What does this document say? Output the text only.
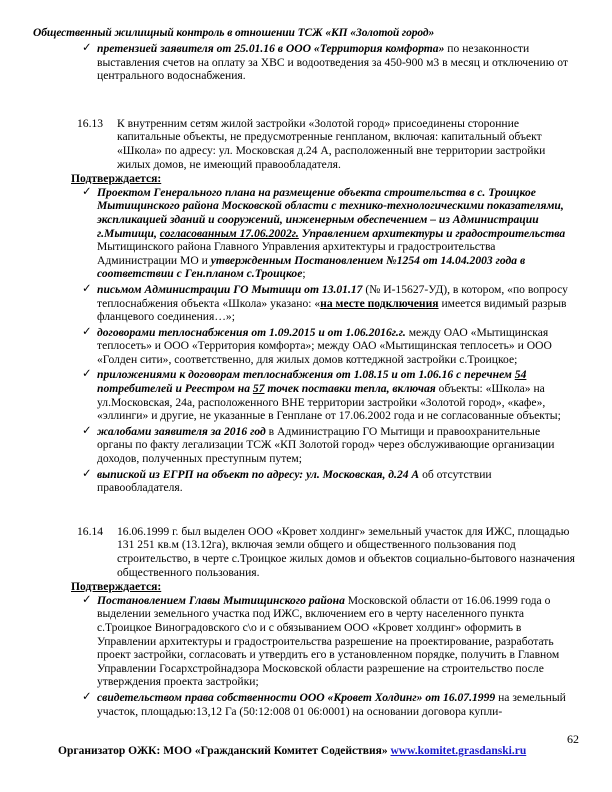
Общественный жилищный контроль в отношении ТСЖ «КП «Золотой город»
✓ претензией заявителя от 25.01.16 в ООО «Территория комфорта» по незаконности выставления счетов на оплату за ХВС и водоотведения за 450-900 м3 в месяц и отключению от центрального водоснабжения.

16.13 К внутренним сетям жилой застройки «Золотой город» присоединены сторонние капитальные объекты, не предусмотренные генпланом, включая: капитальный объект «Школа» по адресу: ул. Московская д.24 А, расположенный вне территории застройки жилых домов, не имеющий правообладателя.

Подтверждается:
✓ Проектом Генерального плана на размещение объекта строительства в с. Троицкое Мытищинского района Московской области с технико-технологическими показателями, экспликацией зданий и сооружений, инженерным обеспечением – из Администрации г.Мытищи, согласованным 17.06.2002г. Управлением архитектуры и градостроительства Мытищинского района Главного Управления архитектуры и градостроительства Администрации МО и утвержденным Постановлением №1254 от 14.04.2003 года в соответствии с Ген.планом с.Троицкое;

✓ письмом Администрации ГО Мытищи от 13.01.17 (№ И-15627-УД), в котором, «по вопросу теплоснабжения объекта «Школа» указано: «на месте подключения имеется видимый разрыв фланцевого соединения…»;

✓ договорами теплоснабжения от 1.09.2015 и от 1.06.2016г.г. между ОАО «Мытищинская теплосеть» и ООО «Территория комфорта»; между ОАО «Мытищинская теплосеть» и ООО «Голден сити», соответственно, для жилых домов коттеджной застройки с.Троицкое;

✓ приложениями к договорам теплоснабжения от 1.08.15 и от 1.06.16 с перечнем 54 потребителей и Реестром на 57 точек поставки тепла, включая объекты: «Школа» на ул.Московская, 24а, расположенного ВНЕ территории застройки «Золотой город», «кафе», «эллинги» и другие, не указанные в Генплане от 17.06.2002 года и не согласованные объекты;

✓ жалобами заявителя за 2016 год в Администрацию ГО Мытищи и правоохранительные органы по факту легализации ТСЖ «КП Золотой город» через обслуживающие организации доходов, полученных преступным путем;

✓ выпиской из ЕГРП на объект по адресу: ул. Московская, д.24 А об отсутствии правообладателя.

16.14 16.06.1999 г. был выделен ООО «Кровет холдинг» земельный участок для ИЖС, площадью 131 251 кв.м (13.12га), включая земли общего и общественного пользования под строительство, в черте с.Троицкое жилых домов и объектов социально-бытового назначения общественного пользования.

Подтверждается:
✓ Постановлением Главы Мытищинского района Московской области от 16.06.1999 года о выделении земельного участка под ИЖС, включением его в черту населенного пункта с.Троицкое Виноградовского с\о и с обязыванием ООО «Кровет холдинг» оформить в Управлении архитектуры и градостроительства разрешение на проектирование, разработать проект застройки, согласовать и утвердить его в установленном порядке, получить в Главном Управлении Госархстройнадзора Московской области разрешение на строительство после утверждения проекта застройки;

✓ свидетельством права собственности ООО «Кровет Холдинг» от 16.07.1999 на земельный участок, площадью:13,12 Га (50:12:008 01 06:0001) на основании договора купли-

62
Организатор ОЖК: МОО «Гражданский Комитет Содействия» www.komitet.grasdanski.ru
